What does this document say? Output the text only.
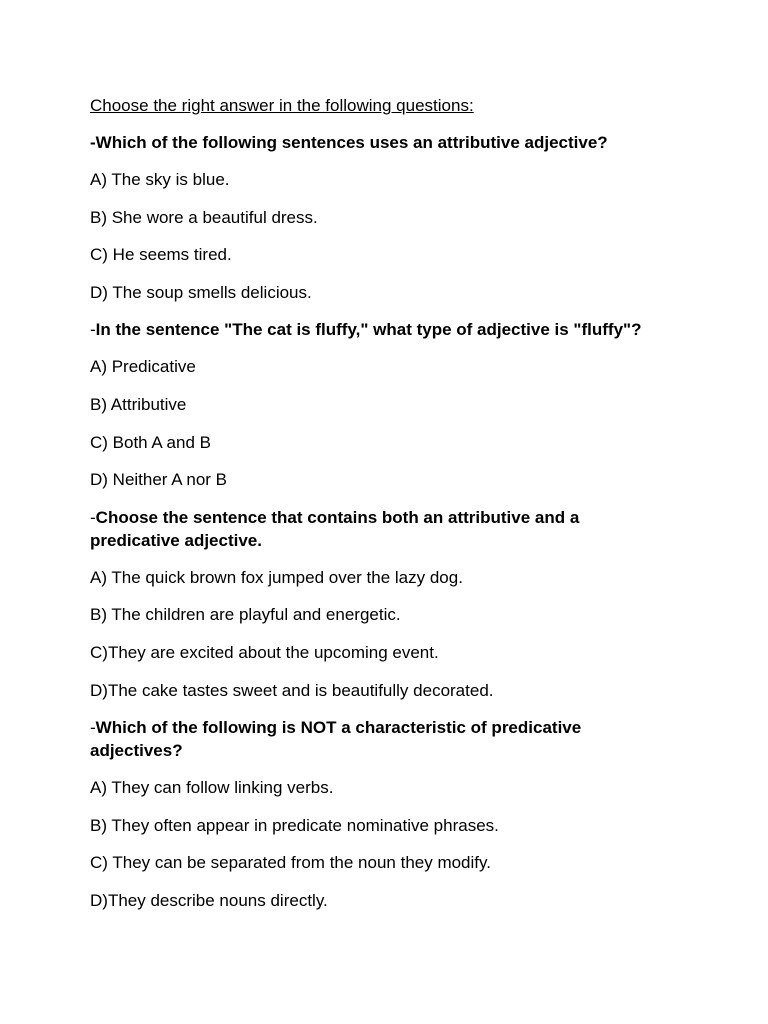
Choose the right answer in the following questions:

-Which of the following sentences uses an attributive adjective?

A) The sky is blue.

B) She wore a beautiful dress.

C) He seems tired.

D) The soup smells delicious.

-In the sentence "The cat is fluffy," what type of adjective is "fluffy"?

A) Predicative

B) Attributive

C) Both A and B

D) Neither A nor B

-Choose the sentence that contains both an attributive and a predicative adjective.

A) The quick brown fox jumped over the lazy dog.

B) The children are playful and energetic.

C)They are excited about the upcoming event.

D)The cake tastes sweet and is beautifully decorated.

-Which of the following is NOT a characteristic of predicative adjectives?

A) They can follow linking verbs.

B) They often appear in predicate nominative phrases.

C) They can be separated from the noun they modify.

D)They describe nouns directly.
